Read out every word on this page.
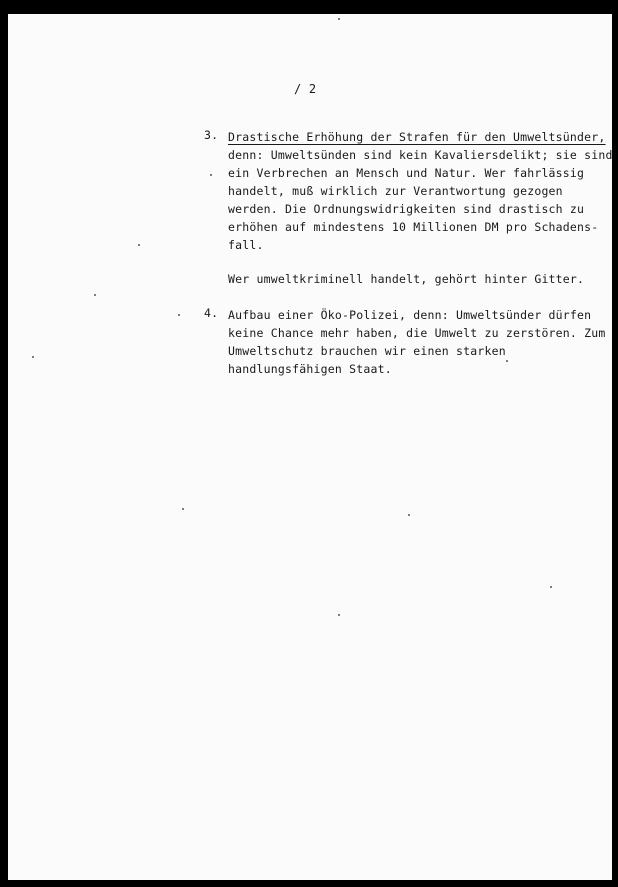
/ 2
3. Drastische Erhöhung der Strafen für den Umweltsünder,
denn: Umweltsünden sind kein Kavaliersdelikt; sie sind
ein Verbrechen an Mensch und Natur. Wer fahrlässig
handelt, muß wirklich zur Verantwortung gezogen
werden. Die Ordnungswidrigkeiten sind drastisch zu
erhöhen auf mindestens 10 Millionen DM pro Schadens-
fall.
Wer umweltkriminell handelt, gehört hinter Gitter.
4. Aufbau einer Öko-Polizei, denn: Umweltsünder dürfen
keine Chance mehr haben, die Umwelt zu zerstören. Zum
Umweltschutz brauchen wir einen starken
handlungsfähigen Staat.
